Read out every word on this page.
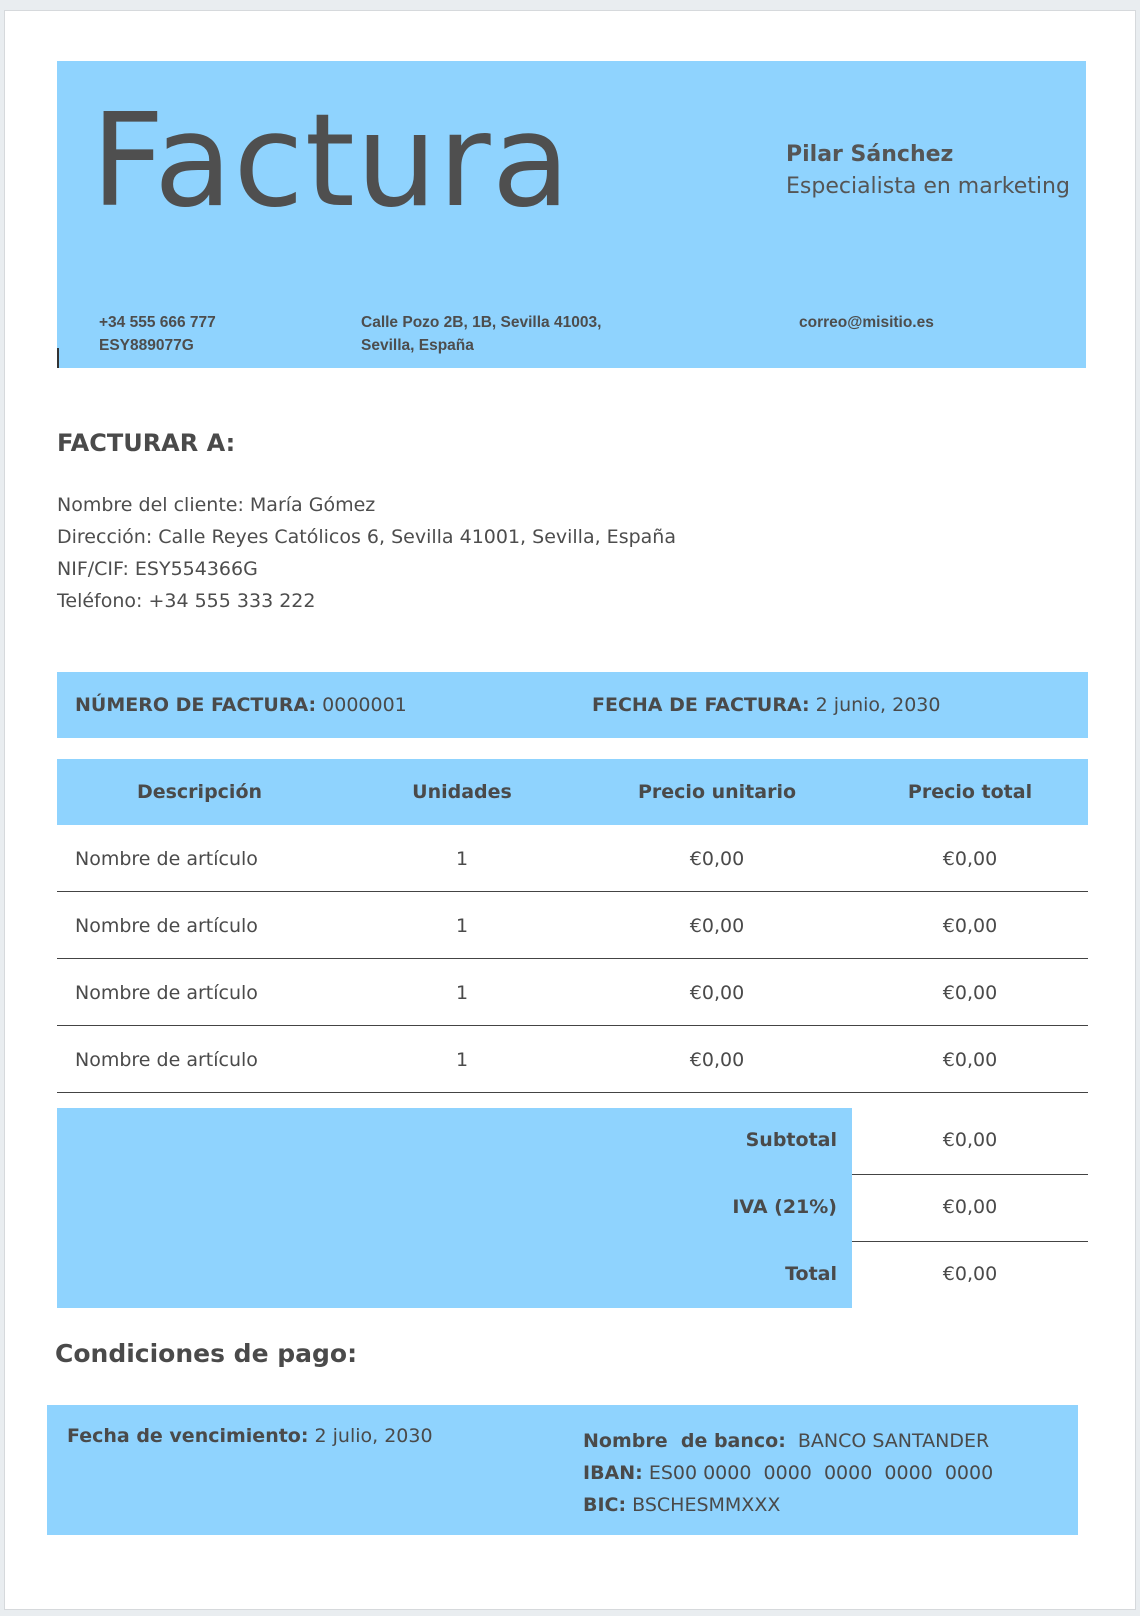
Factura	Pilar Sánchez
Especialista en marketing
+34 555 666 777
ESY889077G
Calle Pozo 2B, 1B, Sevilla 41003,
Sevilla, España
correo@misitio.es
FACTURAR A:
Nombre del cliente: María Gómez
Dirección: Calle Reyes Católicos 6, Sevilla 41001, Sevilla, España
NIF/CIF: ESY554366G
Teléfono: +34 555 333 222
NÚMERO DE FACTURA: 0000001	FECHA DE FACTURA: 2 junio, 2030
Descripción	Unidades	Precio unitario	Precio total
Nombre de artículo	1	€0,00	€0,00
Nombre de artículo	1	€0,00	€0,00
Nombre de artículo	1	€0,00	€0,00
Nombre de artículo	1	€0,00	€0,00
Subtotal	€0,00
IVA (21%)	€0,00
Total	€0,00
Condiciones de pago:
Fecha de vencimiento: 2 julio, 2030	Nombre  de banco: BANCO SANTANDER
IBAN: ES00 0000  0000  0000  0000  0000
BIC: BSCHESMMXXX
